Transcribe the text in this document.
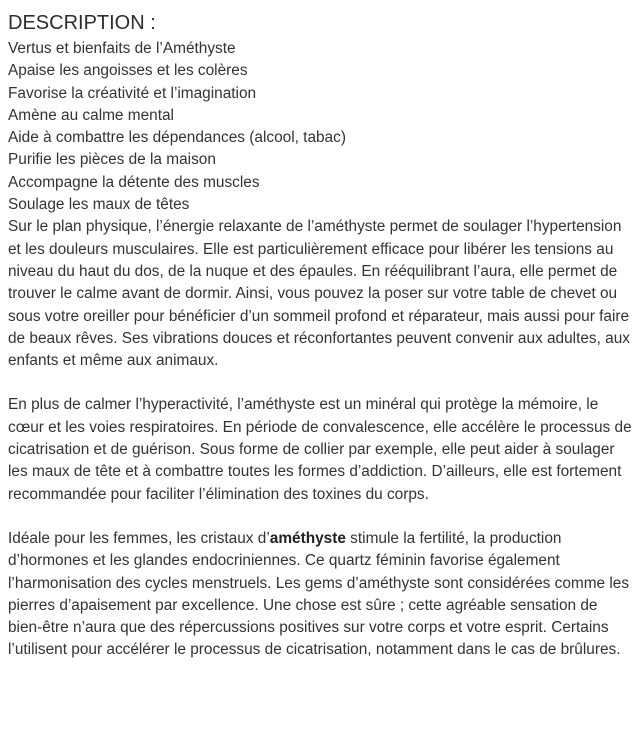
DESCRIPTION :
Vertus et bienfaits de l’Améthyste
Apaise les angoisses et les colères
Favorise la créativité et l’imagination
Amène au calme mental
Aide à combattre les dépendances (alcool, tabac)
Purifie les pièces de la maison
Accompagne la détente des muscles
Soulage les maux de têtes

Sur le plan physique, l’énergie relaxante de l’améthyste permet de soulager l’hypertension et les douleurs musculaires. Elle est particulièrement efficace pour libérer les tensions au niveau du haut du dos, de la nuque et des épaules. En rééquilibrant l’aura, elle permet de trouver le calme avant de dormir. Ainsi, vous pouvez la poser sur votre table de chevet ou sous votre oreiller pour bénéficier d’un sommeil profond et réparateur, mais aussi pour faire de beaux rêves. Ses vibrations douces et réconfortantes peuvent convenir aux adultes, aux enfants et même aux animaux.

En plus de calmer l’hyperactivité, l’améthyste est un minéral qui protège la mémoire, le cœur et les voies respiratoires. En période de convalescence, elle accélère le processus de cicatrisation et de guérison. Sous forme de collier par exemple, elle peut aider à soulager les maux de tête et à combattre toutes les formes d’addiction. D’ailleurs, elle est fortement recommandée pour faciliter l’élimination des toxines du corps.

Idéale pour les femmes, les cristaux d’améthyste stimule la fertilité, la production d’hormones et les glandes endocriniennes. Ce quartz féminin favorise également l’harmonisation des cycles menstruels. Les gems d’améthyste sont considérées comme les pierres d’apaisement par excellence. Une chose est sûre ; cette agréable sensation de bien-être n’aura que des répercussions positives sur votre corps et votre esprit. Certains l’utilisent pour accélérer le processus de cicatrisation, notamment dans le cas de brûlures.
